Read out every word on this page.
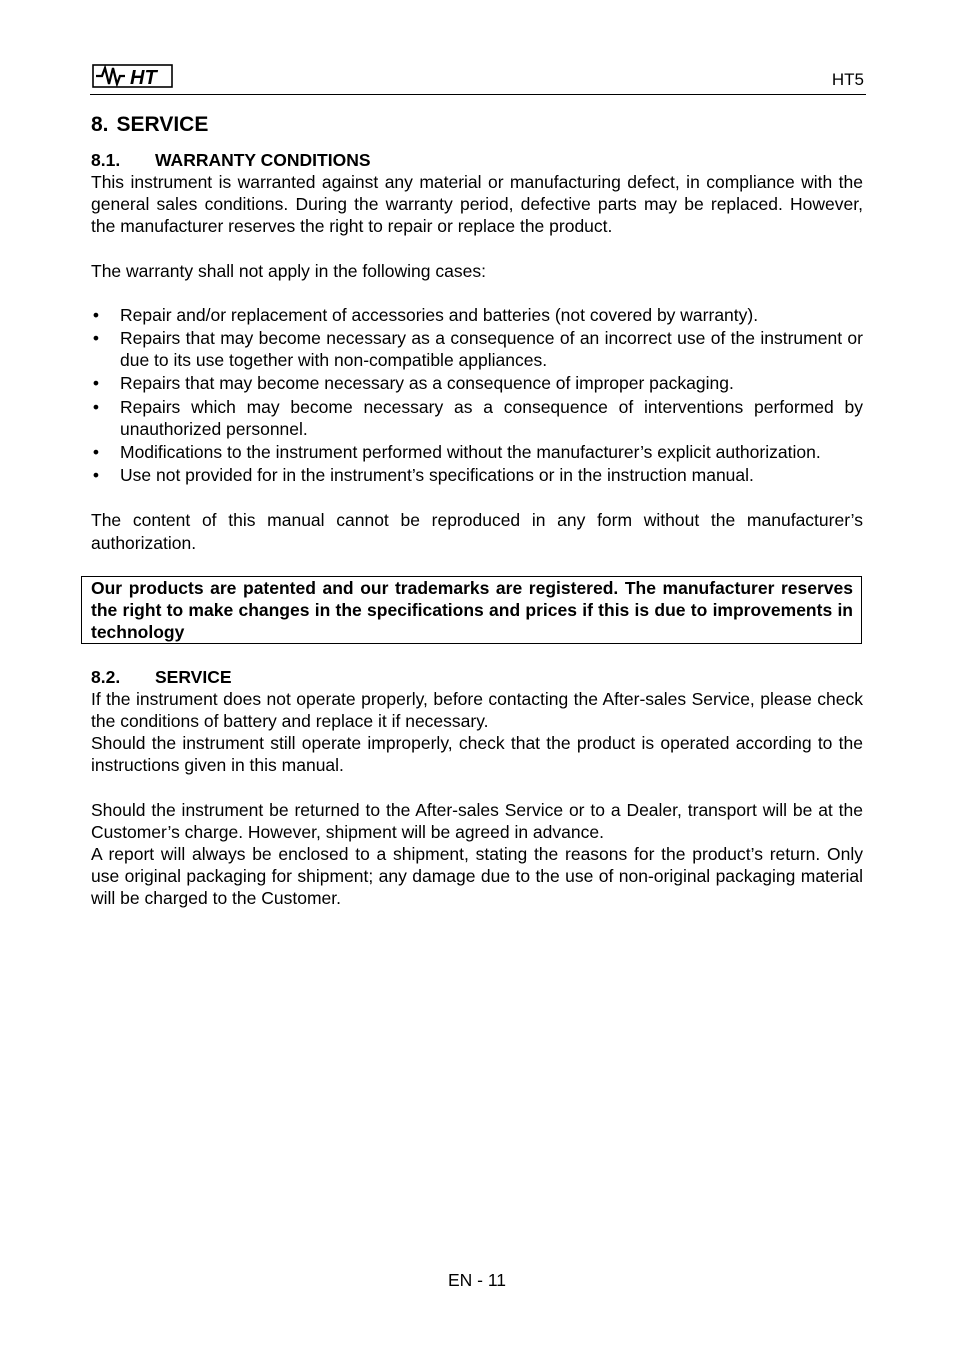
HT	HT5
8. SERVICE
8.1. WARRANTY CONDITIONS

This instrument is warranted against any material or manufacturing defect, in compliance with the general sales conditions. During the warranty period, defective parts may be replaced. However, the manufacturer reserves the right to repair or replace the product.

The warranty shall not apply in the following cases:

• Repair and/or replacement of accessories and batteries (not covered by warranty).
• Repairs that may become necessary as a consequence of an incorrect use of the instrument or due to its use together with non-compatible appliances.
• Repairs that may become necessary as a consequence of improper packaging.
• Repairs which may become necessary as a consequence of interventions performed by unauthorized personnel.
• Modifications to the instrument performed without the manufacturer’s explicit authorization.
• Use not provided for in the instrument’s specifications or in the instruction manual.

The content of this manual cannot be reproduced in any form without the manufacturer’s authorization.

Our products are patented and our trademarks are registered. The manufacturer reserves the right to make changes in the specifications and prices if this is due to improvements in technology
8.2. SERVICE

If the instrument does not operate properly, before contacting the After-sales Service, please check the conditions of battery and replace it if necessary.

Should the instrument still operate improperly, check that the product is operated according to the instructions given in this manual.

Should the instrument be returned to the After-sales Service or to a Dealer, transport will be at the Customer’s charge. However, shipment will be agreed in advance.

A report will always be enclosed to a shipment, stating the reasons for the product’s return. Only use original packaging for shipment; any damage due to the use of non-original packaging material will be charged to the Customer.

EN - 11
